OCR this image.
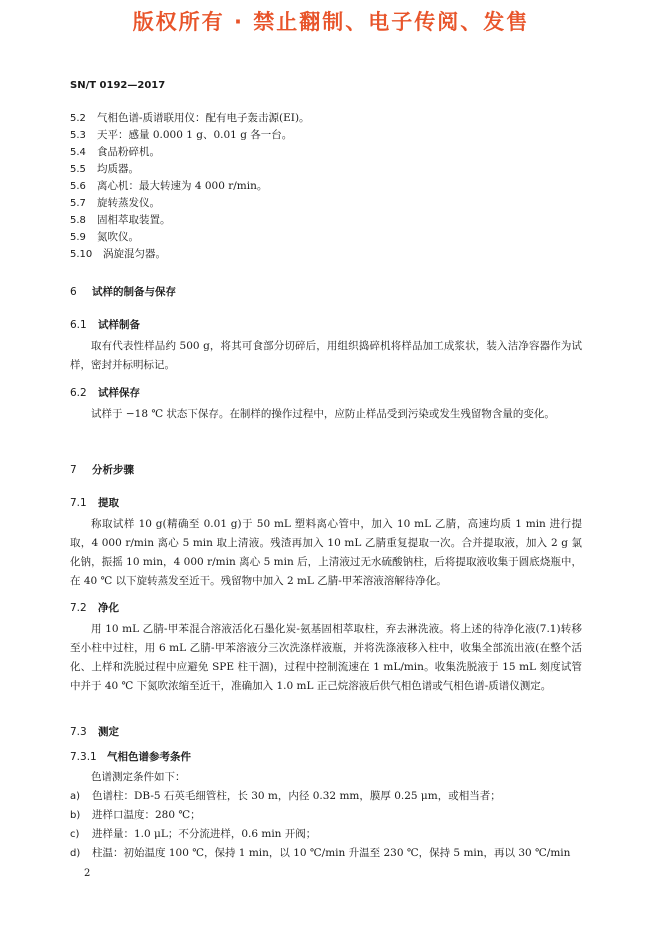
版权所有 · 禁止翻制、电子传阅、发售
SN/T 0192—2017
5.2 气相色谱-质谱联用仪：配有电子轰击源(EI)。
5.3 天平：感量 0.000 1 g、0.01 g 各一台。
5.4 食品粉碎机。
5.5 均质器。
5.6 离心机：最大转速为 4 000 r/min。
5.7 旋转蒸发仪。
5.8 固相萃取装置。
5.9 氮吹仪。
5.10 涡旋混匀器。
6 试样的制备与保存
6.1 试样制备
取有代表性样品约 500 g，将其可食部分切碎后，用组织捣碎机将样品加工成浆状，装入洁净容器作为试样，密封并标明标记。
6.2 试样保存
试样于 −18 ℃ 状态下保存。在制样的操作过程中，应防止样品受到污染或发生残留物含量的变化。
7 分析步骤
7.1 提取
称取试样 10 g(精确至 0.01 g)于 50 mL 塑料离心管中，加入 10 mL 乙腈，高速均质 1 min 进行提取，4 000 r/min 离心 5 min 取上清液。残渣再加入 10 mL 乙腈重复提取一次。合并提取液，加入 2 g 氯化钠，振摇 10 min，4 000 r/min 离心 5 min 后，上清液过无水硫酸钠柱，后将提取液收集于圆底烧瓶中，在 40 ℃ 以下旋转蒸发至近干。残留物中加入 2 mL 乙腈-甲苯溶液溶解待净化。
7.2 净化
用 10 mL 乙腈-甲苯混合溶液活化石墨化炭-氨基固相萃取柱，弃去淋洗液。将上述的待净化液(7.1)转移至小柱中过柱，用 6 mL 乙腈-甲苯溶液分三次洗涤样液瓶，并将洗涤液移入柱中，收集全部流出液(在整个活化、上样和洗脱过程中应避免 SPE 柱干涸)，过程中控制流速在 1 mL/min。收集洗脱液于 15 mL 刻度试管中并于 40 ℃ 下氮吹浓缩至近干，准确加入 1.0 mL 正己烷溶液后供气相色谱或气相色谱-质谱仪测定。
7.3 测定
7.3.1 气相色谱参考条件
色谱测定条件如下：
a)	色谱柱：DB-5 石英毛细管柱，长 30 m，内径 0.32 mm，膜厚 0.25 μm，或相当者；
b)	进样口温度：280 ℃；
c)	进样量：1.0 μL；不分流进样，0.6 min 开阀；
d)	柱温：初始温度 100 ℃，保持 1 min，以 10 ℃/min 升温至 230 ℃，保持 5 min，再以 30 ℃/min
2
